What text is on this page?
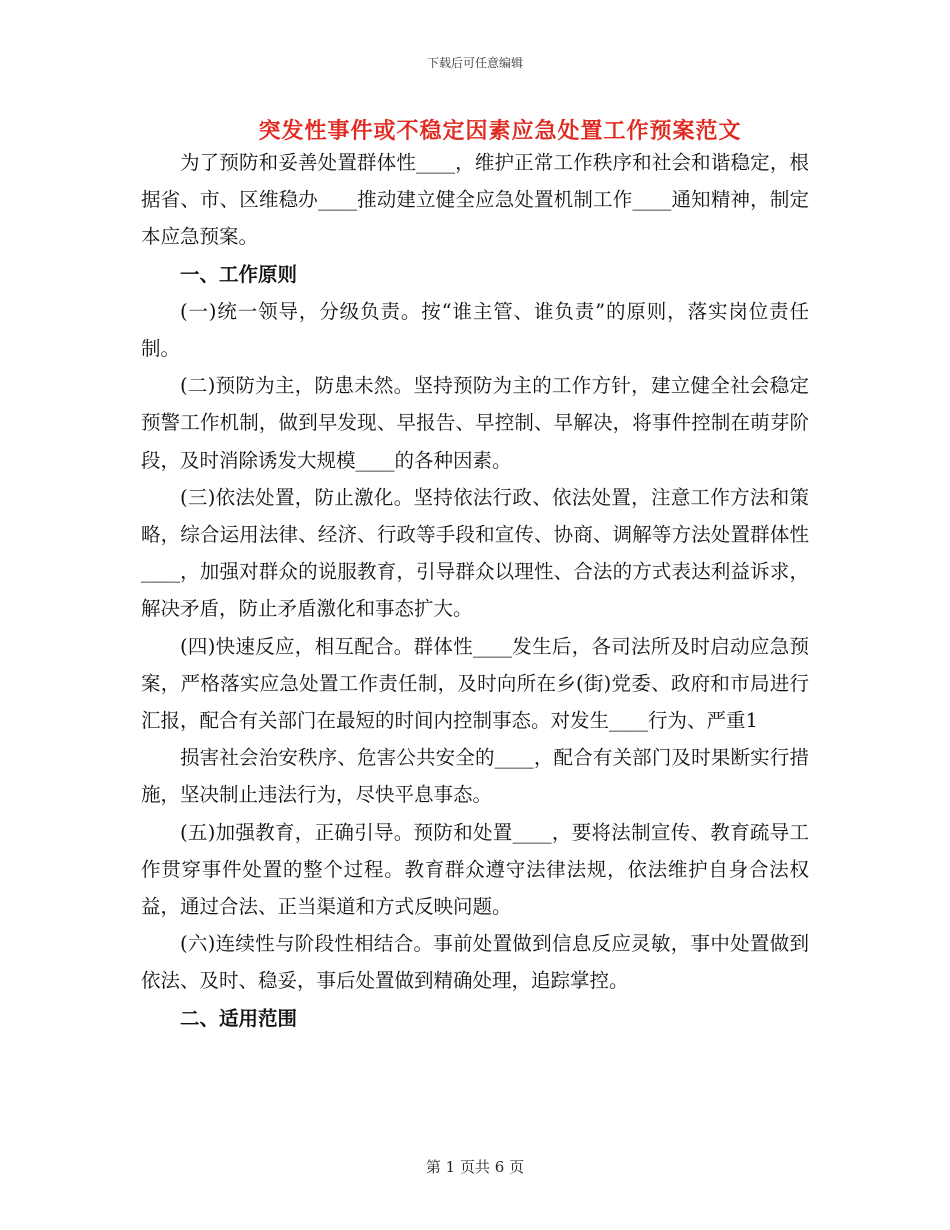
下载后可任意编辑
突发性事件或不稳定因素应急处置工作预案范文

为了预防和妥善处置群体性____，维护正常工作秩序和社会和谐稳定，根据省、市、区维稳办____推动建立健全应急处置机制工作____通知精神，制定本应急预案。

一、工作原则

(一)统一领导，分级负责。按“谁主管、谁负责”的原则，落实岗位责任制。

(二)预防为主，防患未然。坚持预防为主的工作方针，建立健全社会稳定预警工作机制，做到早发现、早报告、早控制、早解决，将事件控制在萌芽阶段，及时消除诱发大规模____的各种因素。

(三)依法处置，防止激化。坚持依法行政、依法处置，注意工作方法和策略，综合运用法律、经济、行政等手段和宣传、协商、调解等方法处置群体性____，加强对群众的说服教育，引导群众以理性、合法的方式表达利益诉求，解决矛盾，防止矛盾激化和事态扩大。

(四)快速反应，相互配合。群体性____发生后，各司法所及时启动应急预案，严格落实应急处置工作责任制，及时向所在乡(街)党委、政府和市局进行汇报，配合有关部门在最短的时间内控制事态。对发生____行为、严重1

损害社会治安秩序、危害公共安全的____，配合有关部门及时果断实行措施，坚决制止违法行为，尽快平息事态。

(五)加强教育，正确引导。预防和处置____，要将法制宣传、教育疏导工作贯穿事件处置的整个过程。教育群众遵守法律法规，依法维护自身合法权益，通过合法、正当渠道和方式反映问题。

(六)连续性与阶段性相结合。事前处置做到信息反应灵敏，事中处置做到依法、及时、稳妥，事后处置做到精确处理，追踪掌控。

二、适用范围

第 1 页共 6 页
